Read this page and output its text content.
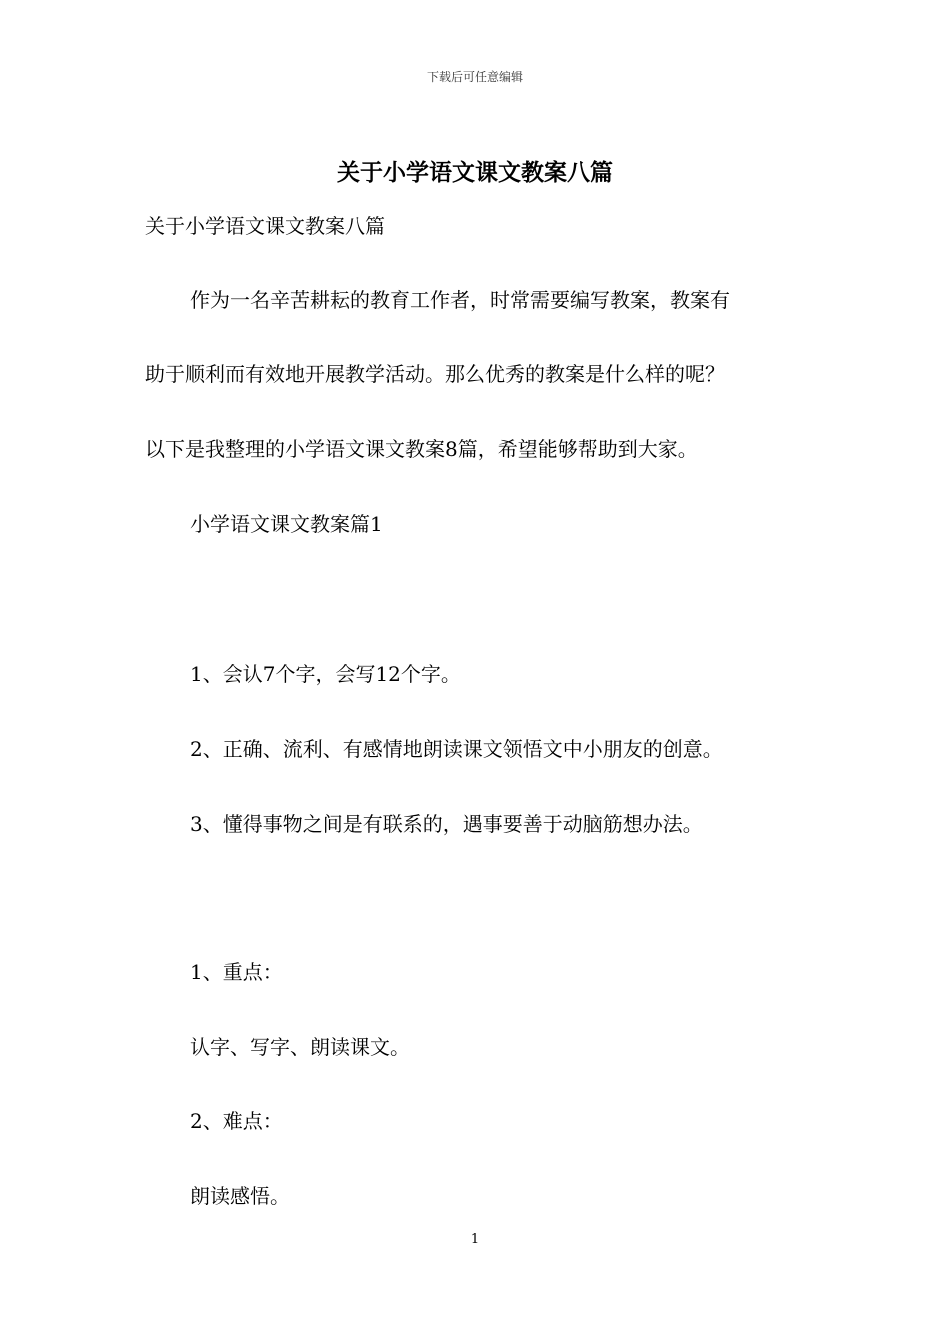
下载后可任意编辑
关于小学语文课文教案八篇
关于小学语文课文教案八篇
作为一名辛苦耕耘的教育工作者，时常需要编写教案，教案有
助于顺利而有效地开展教学活动。那么优秀的教案是什么样的呢？
以下是我整理的小学语文课文教案8篇，希望能够帮助到大家。
小学语文课文教案篇1
1、会认7个字，会写12个字。
2、正确、流利、有感情地朗读课文领悟文中小朋友的创意。
3、懂得事物之间是有联系的，遇事要善于动脑筋想办法。
1、重点：
认字、写字、朗读课文。
2、难点：
朗读感悟。
1
